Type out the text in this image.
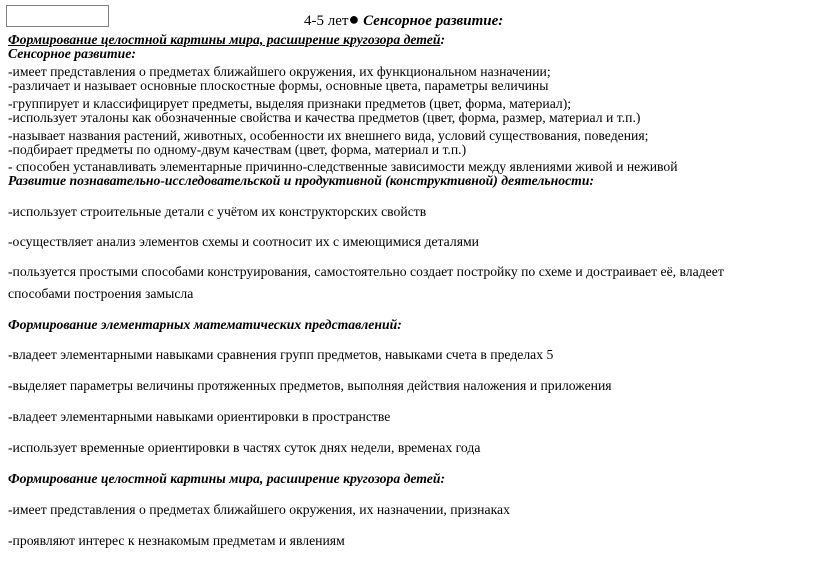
4-5 лет● Сенсорное развитие:
Формирование целостной картины мира, расширение кругозора детей:
Сенсорное развитие:
-имеет представления о предметах ближайшего окружения, их функциональном назначении;
-различает и называет основные плоскостные формы, основные цвета, параметры величины
-группирует и классифицирует предметы, выделяя признаки предметов (цвет, форма, материал);
-использует эталоны как обозначенные свойства и качества предметов (цвет, форма, размер, материал и т.п.)
-называет названия растений, животных, особенности их внешнего вида, условий существования, поведения;
-подбирает предметы по одному-двум качествам (цвет, форма, материал и т.п.)
- способен устанавливать элементарные причинно-следственные зависимости между явлениями живой и неживой
Развитие познавательно-исследовательской и продуктивной (конструктивной) деятельности:
-использует строительные детали с учётом их конструкторских свойств
-осуществляет анализ элементов схемы и соотносит их с имеющимися деталями
-пользуется простыми способами конструирования, самостоятельно создает постройку по схеме и достраивает её, владеет
способами построения замысла
Формирование элементарных математических представлений:
-владеет элементарными навыками сравнения групп предметов, навыками счета в пределах 5
-выделяет параметры величины протяженных предметов, выполняя действия наложения и приложения
-владеет элементарными навыками ориентировки в пространстве
-использует временные ориентировки в частях суток днях недели, временах года
Формирование целостной картины мира, расширение кругозора детей:
-имеет представления о предметах ближайшего окружения, их назначении, признаках
-проявляют интерес к незнакомым предметам и явлениям
